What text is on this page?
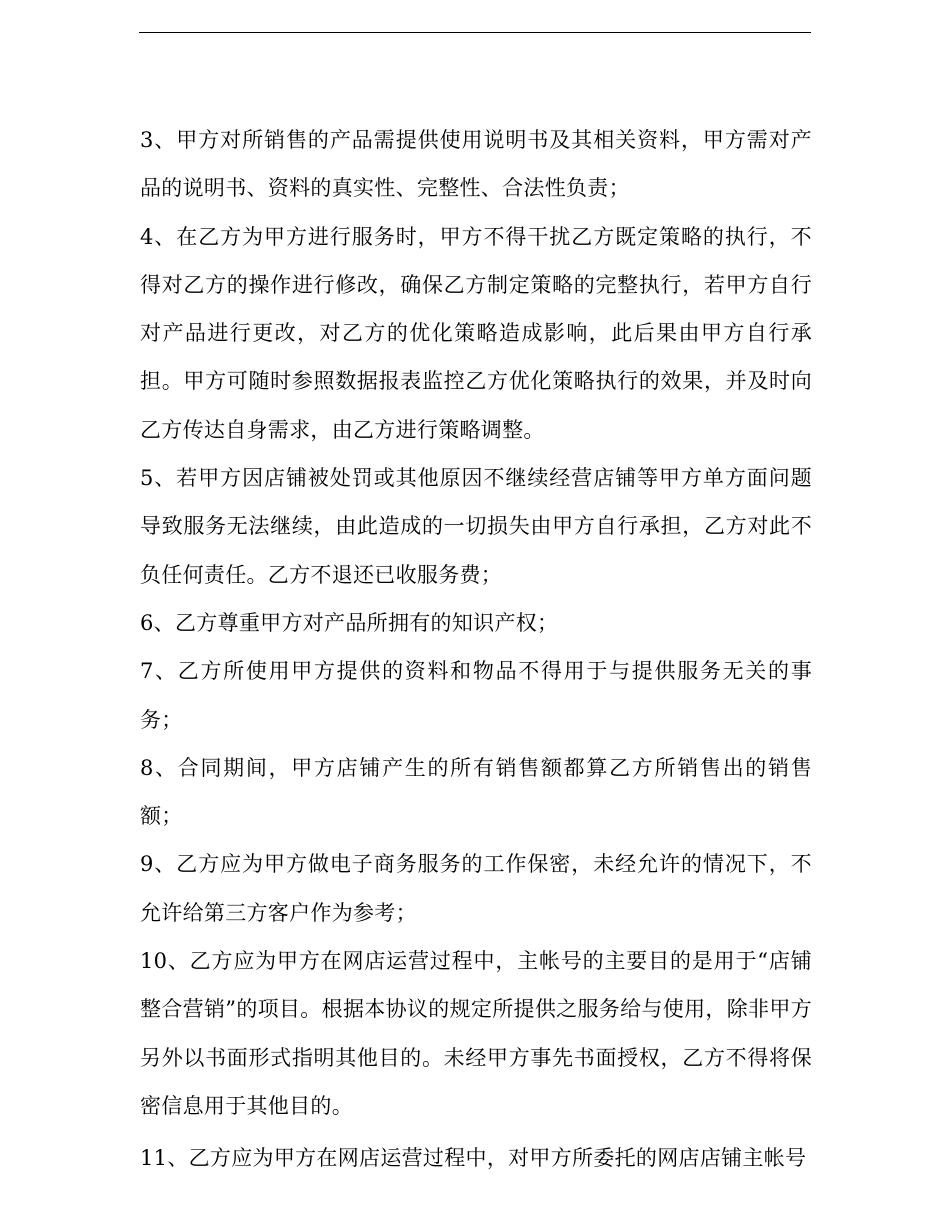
3、甲方对所销售的产品需提供使用说明书及其相关资料，甲方需对产品的说明书、资料的真实性、完整性、合法性负责；

4、在乙方为甲方进行服务时，甲方不得干扰乙方既定策略的执行，不得对乙方的操作进行修改，确保乙方制定策略的完整执行，若甲方自行对产品进行更改，对乙方的优化策略造成影响，此后果由甲方自行承担。甲方可随时参照数据报表监控乙方优化策略执行的效果，并及时向乙方传达自身需求，由乙方进行策略调整。

5、若甲方因店铺被处罚或其他原因不继续经营店铺等甲方单方面问题导致服务无法继续，由此造成的一切损失由甲方自行承担，乙方对此不负任何责任。乙方不退还已收服务费；

6、乙方尊重甲方对产品所拥有的知识产权；

7、乙方所使用甲方提供的资料和物品不得用于与提供服务无关的事务；

8、合同期间，甲方店铺产生的所有销售额都算乙方所销售出的销售额；

9、乙方应为甲方做电子商务服务的工作保密，未经允许的情况下，不允许给第三方客户作为参考；

10、乙方应为甲方在网店运营过程中，主帐号的主要目的是用于“店铺整合营销”的项目。根据本协议的规定所提供之服务给与使用，除非甲方另外以书面形式指明其他目的。未经甲方事先书面授权，乙方不得将保密信息用于其他目的。

11、乙方应为甲方在网店运营过程中，对甲方所委托的网店店铺主帐号
